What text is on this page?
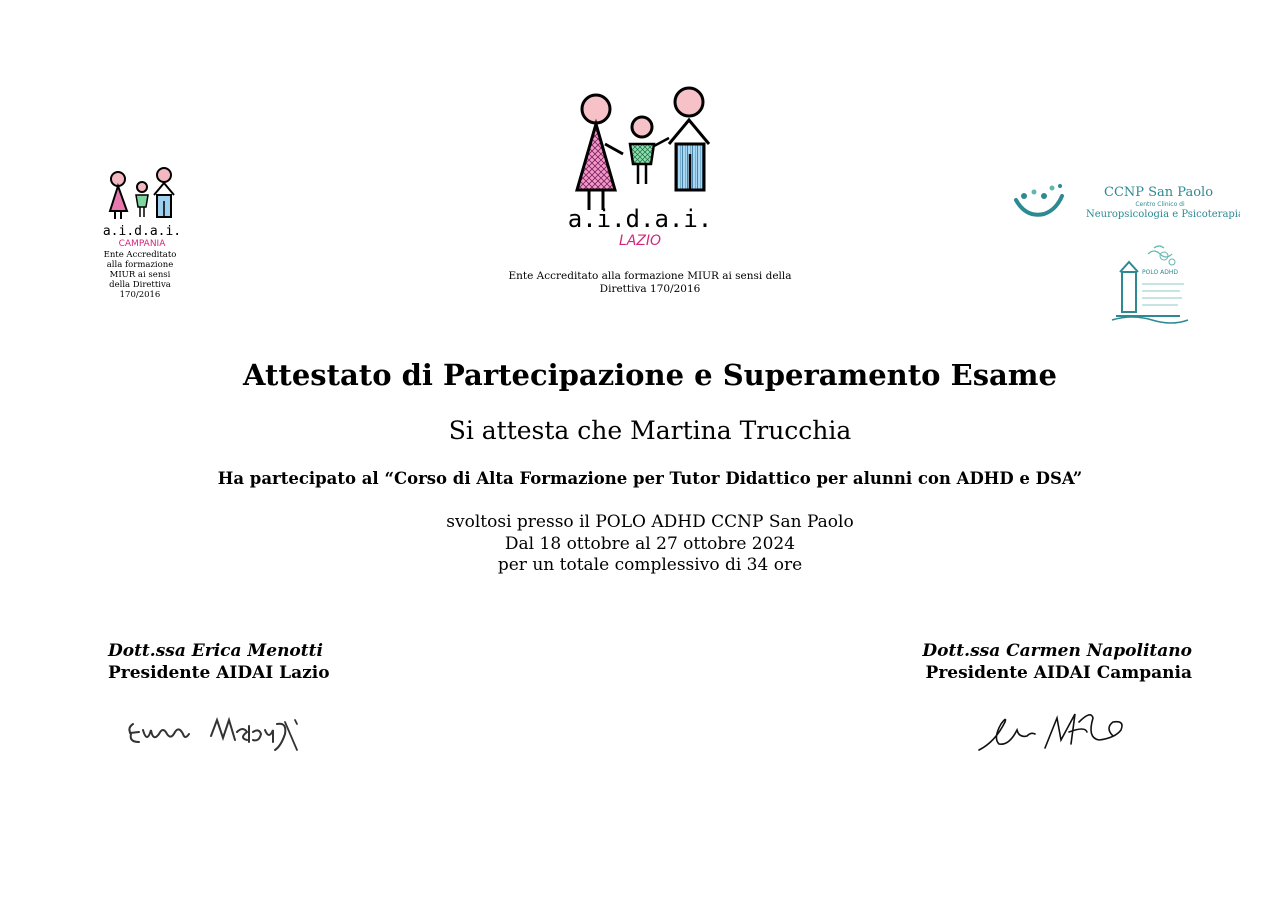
a.i.d.a.i.
CAMPANIA
Ente Accreditato alla formazione MIUR ai sensi della Direttiva 170/2016
a.i.d.a.i.
LAZIO
Ente Accreditato alla formazione MIUR ai sensi della
Direttiva 170/2016
CCNP San Paolo
Centro Clinico di
Neuropsicologia e Psicoterapia
POLO ADHD
Attestato di Partecipazione e Superamento Esame
Si attesta che Martina Trucchia
Ha partecipato al “Corso di Alta Formazione per Tutor Didattico per alunni con ADHD e DSA”
svoltosi presso il POLO ADHD CCNP San Paolo
Dal 18 ottobre al 27 ottobre 2024
per un totale complessivo di 34 ore
Dott.ssa Erica Menotti
Presidente AIDAI Lazio
Dott.ssa Carmen Napolitano
Presidente AIDAI Campania
